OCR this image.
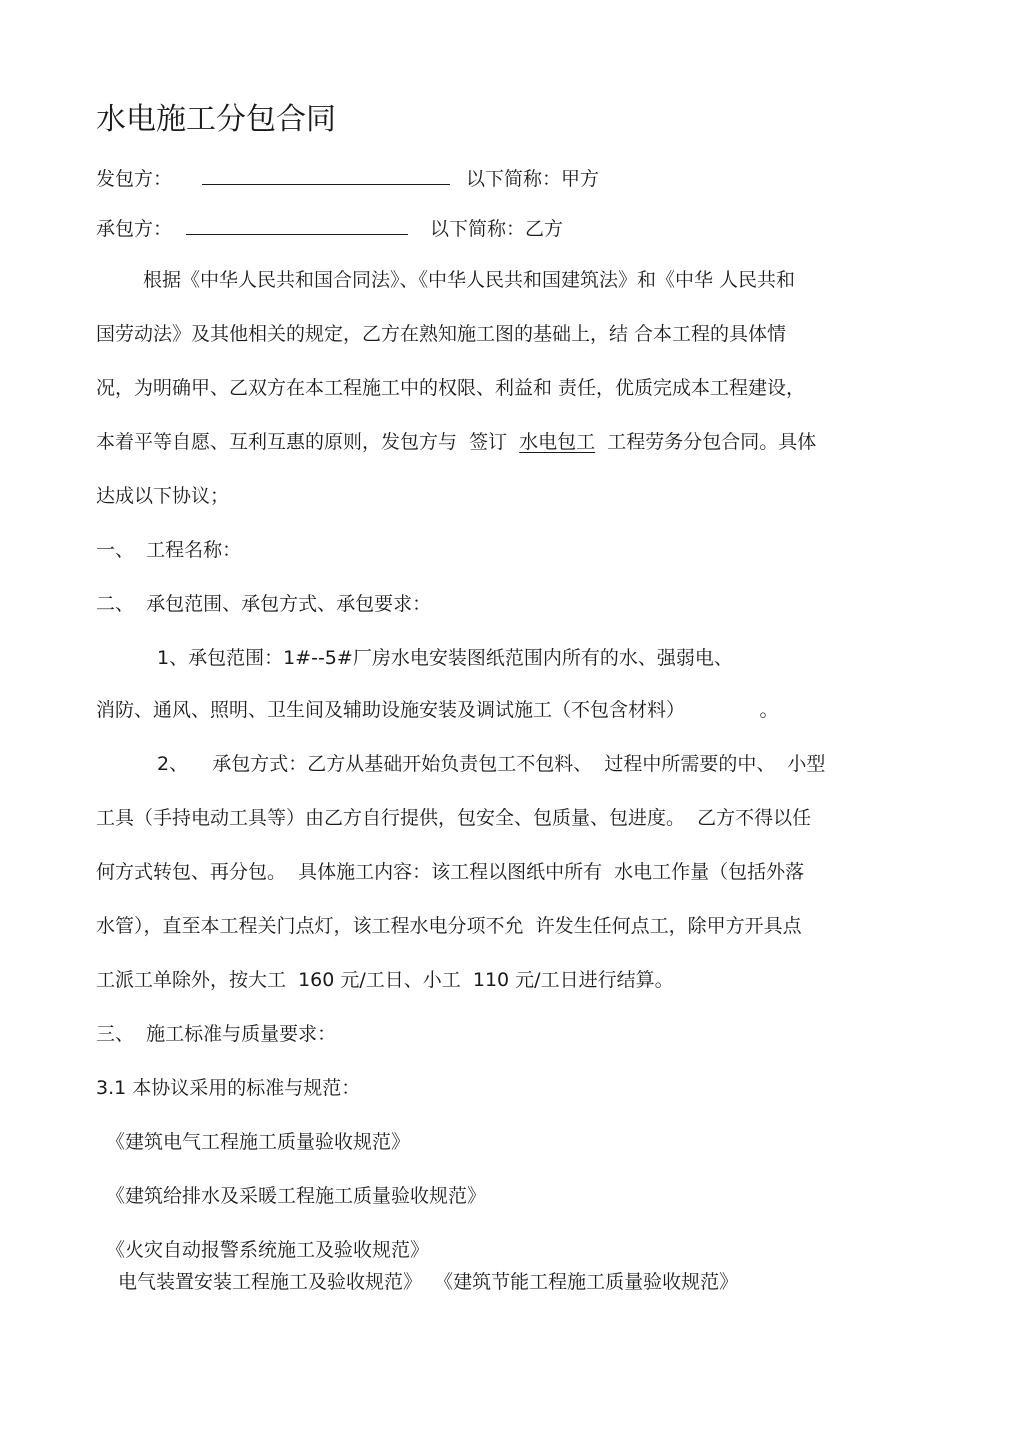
水电施工分包合同
发包方：	以下简称：甲方
承包方：	以下简称：乙方
根据《中华人民共和国合同法》、《中华人民共和国建筑法》和《中华 人民共和
国劳动法》及其他相关的规定，乙方在熟知施工图的基础上，结 合本工程的具体情
况，为明确甲、乙双方在本工程施工中的权限、利益和 责任，优质完成本工程建设，
本着平等自愿、互利互惠的原则，发包方与  签订  水电包工  工程劳务分包合同。具体
达成以下协议；
一、  工程名称：
二、  承包范围、承包方式、承包要求：
1、承包范围：1#--5#厂房水电安装图纸范围内所有的水、强弱电、
消防、通风、照明、卫生间及辅助设施安装及调试施工（不包含材料）	。
2、    承包方式：乙方从基础开始负责包工不包料、  过程中所需要的中、  小型
工具（手持电动工具等）由乙方自行提供，包安全、包质量、包进度。  乙方不得以任
何方式转包、再分包。  具体施工内容：该工程以图纸中所有  水电工作量（包括外落
水管），直至本工程关门点灯，该工程水电分项不允  许发生任何点工，除甲方开具点
工派工单除外，按大工  160 元/工日、小工  110 元/工日进行结算。
三、  施工标准与质量要求：
3.1 本协议采用的标准与规范：
《建筑电气工程施工质量验收规范》
《建筑给排水及采暖工程施工质量验收规范》
《火灾自动报警系统施工及验收规范》
电气装置安装工程施工及验收规范》  《建筑节能工程施工质量验收规范》
